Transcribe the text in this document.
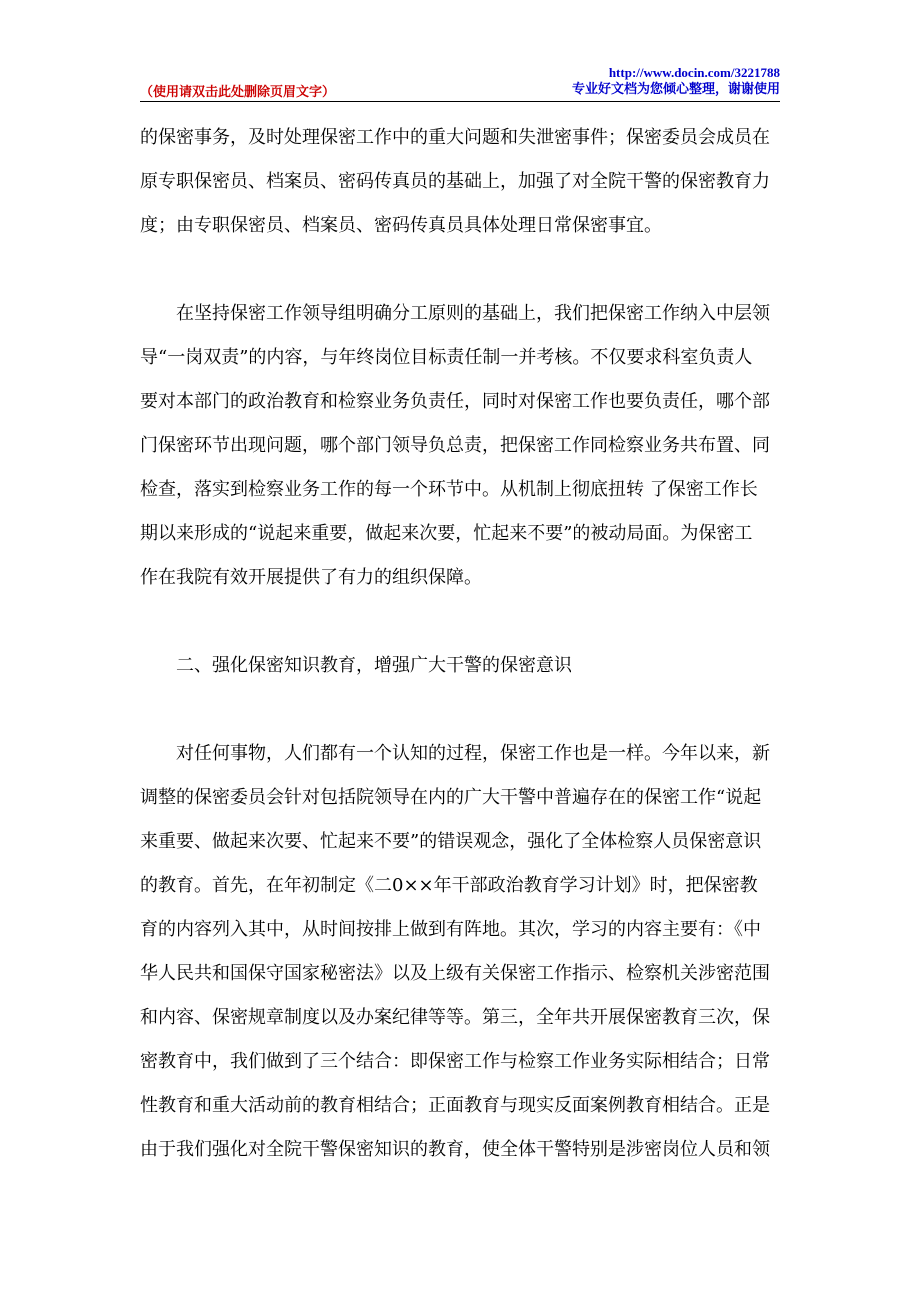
（使用请双击此处删除页眉文字）
http://www.docin.com/3221788
专业好文档为您倾心整理，谢谢使用
的保密事务，及时处理保密工作中的重大问题和失泄密事件；保密委员会成员在
原专职保密员、档案员、密码传真员的基础上，加强了对全院干警的保密教育力
度；由专职保密员、档案员、密码传真员具体处理日常保密事宜。
在坚持保密工作领导组明确分工原则的基础上，我们把保密工作纳入中层领
导“一岗双责”的内容，与年终岗位目标责任制一并考核。不仅要求科室负责人
要对本部门的政治教育和检察业务负责任，同时对保密工作也要负责任，哪个部
门保密环节出现问题，哪个部门领导负总责，把保密工作同检察业务共布置、同
检查，落实到检察业务工作的每一个环节中。从机制上彻底扭转 了保密工作长
期以来形成的“说起来重要，做起来次要，忙起来不要”的被动局面。为保密工
作在我院有效开展提供了有力的组织保障。
二、强化保密知识教育，增强广大干警的保密意识
对任何事物，人们都有一个认知的过程，保密工作也是一样。今年以来，新
调整的保密委员会针对包括院领导在内的广大干警中普遍存在的保密工作“说起
来重要、做起来次要、忙起来不要”的错误观念，强化了全体检察人员保密意识
的教育。首先，在年初制定《二0××年干部政治教育学习计划》时，把保密教
育的内容列入其中，从时间按排上做到有阵地。其次，学习的内容主要有：《中
华人民共和国保守国家秘密法》以及上级有关保密工作指示、检察机关涉密范围
和内容、保密规章制度以及办案纪律等等。第三，全年共开展保密教育三次，保
密教育中，我们做到了三个结合：即保密工作与检察工作业务实际相结合；日常
性教育和重大活动前的教育相结合；正面教育与现实反面案例教育相结合。正是
由于我们强化对全院干警保密知识的教育，使全体干警特别是涉密岗位人员和领
